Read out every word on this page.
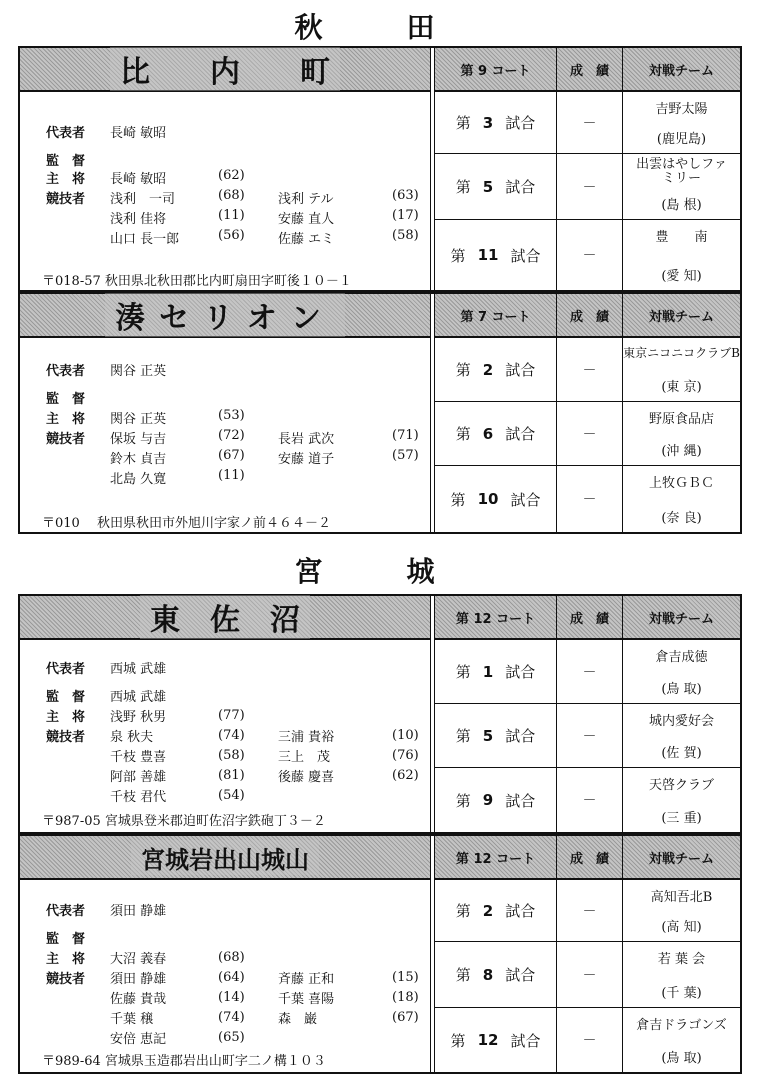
秋　田
比　　内　　町
代表者 長崎 敏昭
監　督
主　将 長崎 敏昭	(62)
競技者 浅利　一司	(68)	浅利 テル	(63)
浅利 佳将	(11)	安藤 直人	(17)
山口 長一郎	(56)	佐藤 エミ	(58)
〒018-57 秋田県北秋田郡比内町扇田字町後１０－１
第 9 コート	成　績	対戦チーム
第 3 試合	－
吉野太陽
(鹿児島)
第 5 試合	－
出雲はやしファミリー
(島 根)
第 11 試合	－
豊　　南
(愛 知)
湊セリオン
代表者 関谷 正英
監　督
主　将 関谷 正英	(53)
競技者 保坂 与吉	(72)	長岩 武次	(71)
鈴木 貞吉	(67)	安藤 道子	(57)
北島 久寛	(11)
〒010　 秋田県秋田市外旭川字家ノ前４６４－２
第 7 コート	成　績	対戦チーム
第 2 試合	－
東京ニコニコクラブB
(東 京)
第 6 試合	－
野原食品店
(沖 縄)
第 10 試合	－
上牧ＧＢＣ
(奈 良)
宮　城
東　佐　沼
代表者 西城 武雄
監　督 西城 武雄
主　将 浅野 秋男	(77)
競技者 泉 秋夫	(74)	三浦 貴裕	(10)
千枝 豊喜	(58)	三上　茂	(76)
阿部 善雄	(81)	後藤 慶喜	(62)
千枝 君代	(54)
〒987-05 宮城県登米郡迫町佐沼字鉄砲丁３－２
第 12 コート	成　績	対戦チーム
第 1 試合	－
倉吉成徳
(鳥 取)
第 5 試合	－
城内愛好会
(佐 賀)
第 9 試合	－
天啓クラブ
(三 重)
宮城岩出山城山
代表者 須田 静雄
監　督
主　将 大沼 義春	(68)
競技者 須田 静雄	(64)	斉藤 正和	(15)
佐藤 貴哉	(14)	千葉 喜陽	(18)
千葉 穣	(74)	森　巌	(67)
安倍 恵記	(65)
〒989-64 宮城県玉造郡岩出山町字二ノ構１０３
第 12 コート	成　績	対戦チーム
第 2 試合	－
高知吾北B
(高 知)
第 8 試合	－
若 葉 会
(千 葉)
第 12 試合	－
倉吉ドラゴンズ
(鳥 取)
